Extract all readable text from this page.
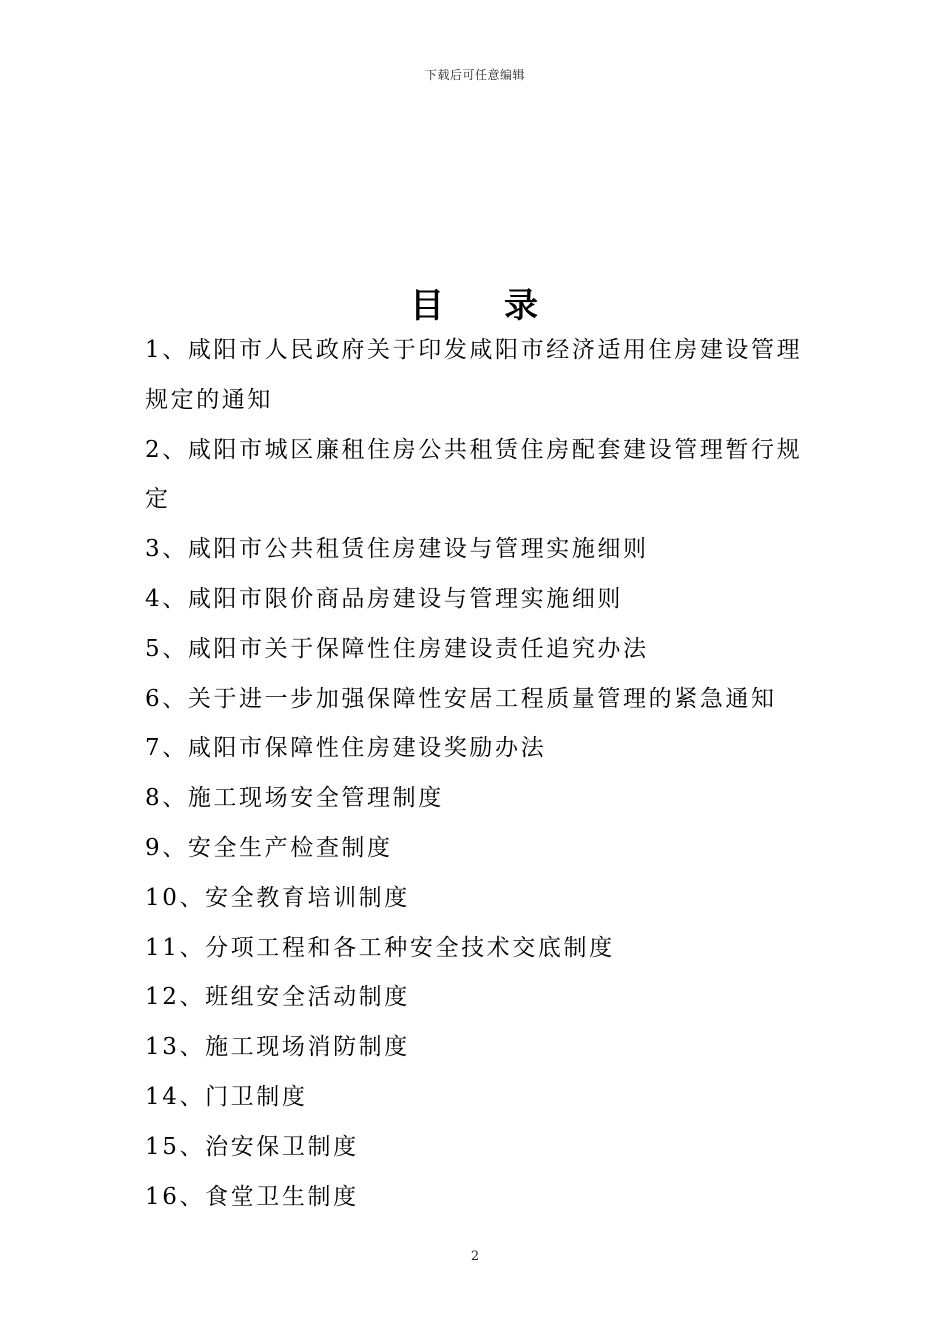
下载后可任意编辑
目 录
1、咸阳市人民政府关于印发咸阳市经济适用住房建设管理规定的通知
2、咸阳市城区廉租住房公共租赁住房配套建设管理暂行规定
3、咸阳市公共租赁住房建设与管理实施细则
4、咸阳市限价商品房建设与管理实施细则
5、咸阳市关于保障性住房建设责任追究办法
6、关于进一步加强保障性安居工程质量管理的紧急通知
7、咸阳市保障性住房建设奖励办法
8、施工现场安全管理制度
9、安全生产检查制度
10、安全教育培训制度
11、分项工程和各工种安全技术交底制度
12、班组安全活动制度
13、施工现场消防制度
14、门卫制度
15、治安保卫制度
16、食堂卫生制度
2
